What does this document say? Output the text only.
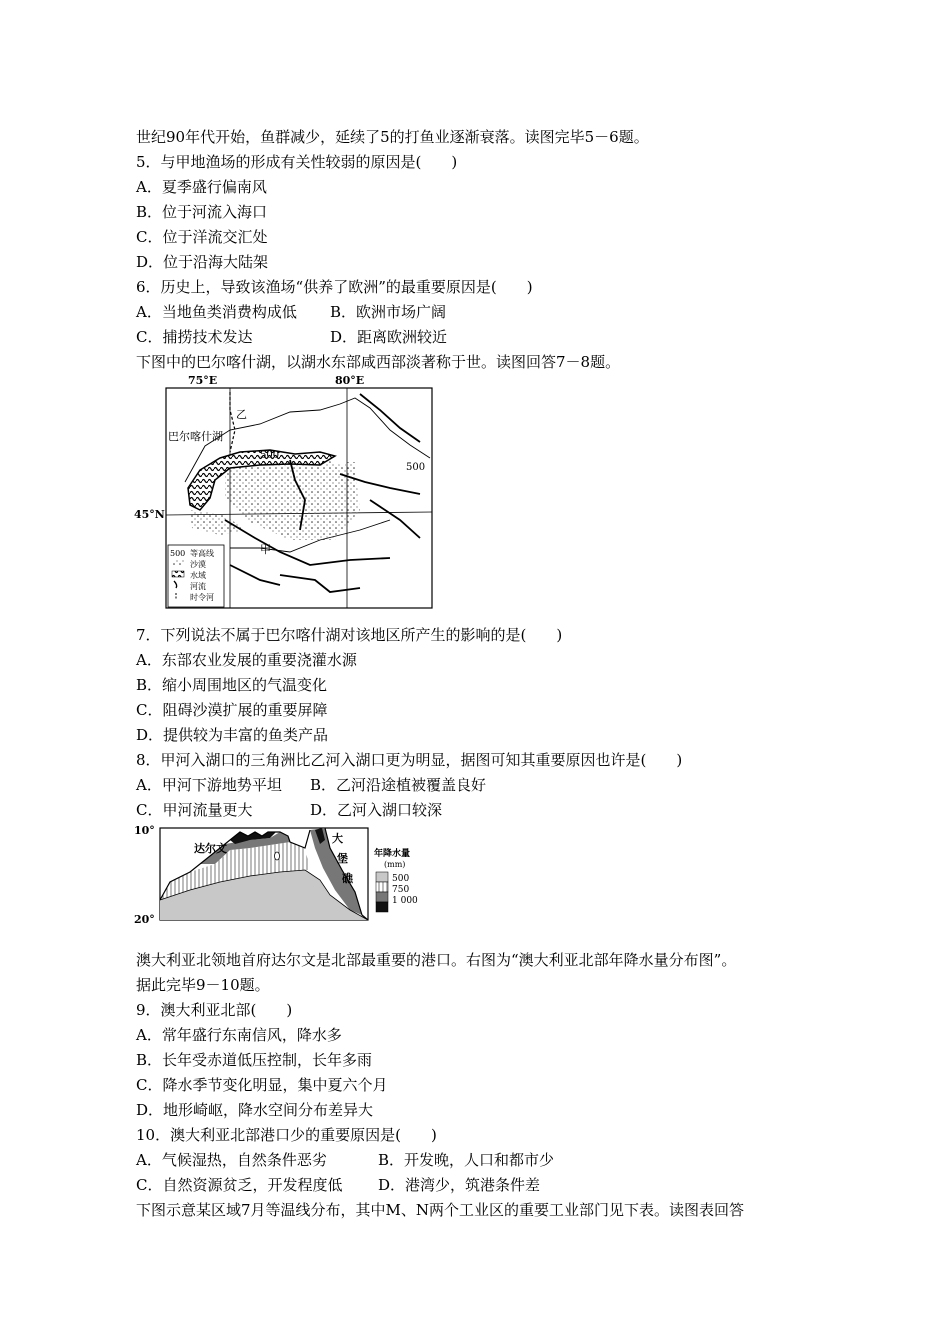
世纪90年代开始，鱼群减少，延续了5的打鱼业逐渐衰落。读图完毕5－6题。
5．与甲地渔场的形成有关性较弱的原因是(　　)
A．夏季盛行偏南风
B．位于河流入海口
C．位于洋流交汇处
D．位于沿海大陆架
6．历史上，导致该渔场“供养了欧洲”的最重要原因是(　　)
A．当地鱼类消费构成低 B．欧洲市场广阔
C．捕捞技术发达	D．距离欧洲较近
下图中的巴尔喀什湖，以湖水东部咸西部淡著称于世。读图回答7－8题。
75°E	80°E
45°N
巴尔喀什湖
乙
500
500
甲
500 等高线
沙漠
水域
河流
时令河
7．下列说法不属于巴尔喀什湖对该地区所产生的影响的是(　　)
A．东部农业发展的重要浇灌水源
B．缩小周围地区的气温变化
C．阻碍沙漠扩展的重要屏障
D．提供较为丰富的鱼类产品
8．甲河入湖口的三角洲比乙河入湖口更为明显，据图可知其重要原因也许是(　　)
A．甲河下游地势平坦 B．乙河沿途植被覆盖良好
C．甲河流量更大	D．乙河入湖口较深
10°
20°
达尔文
大
堡
礁
年降水量
(mm)
500
750
1 000
澳大利亚北领地首府达尔文是北部最重要的港口。右图为“澳大利亚北部年降水量分布图”。
据此完毕9－10题。
9．澳大利亚北部(　　)
A．常年盛行东南信风，降水多
B．长年受赤道低压控制，长年多雨
C．降水季节变化明显，集中夏六个月
D．地形崎岖，降水空间分布差异大
10．澳大利亚北部港口少的重要原因是(　　)
A．气候湿热，自然条件恶劣	B．开发晚，人口和都市少
C．自然资源贫乏，开发程度低 D．港湾少，筑港条件差
下图示意某区域7月等温线分布，其中M、N两个工业区的重要工业部门见下表。读图表回答
